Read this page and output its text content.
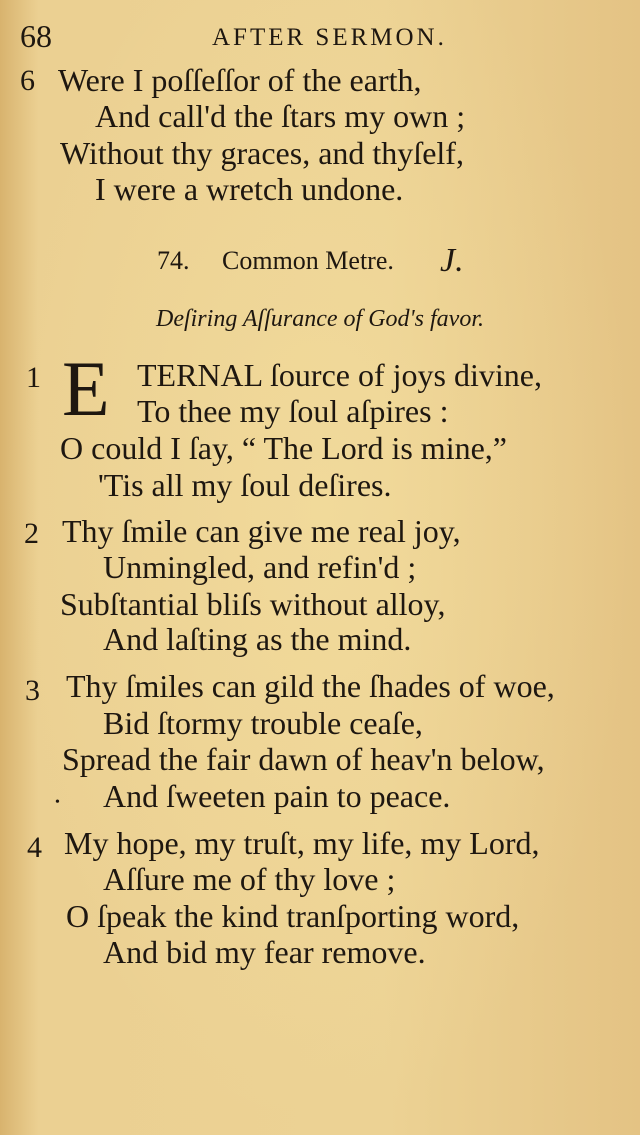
68	AFTER SERMON.
6 Were I poſſeſſor of the earth,
And call'd the ſtars my own ;
Without thy graces, and thyſelf,
I were a wretch undone.
74. Common Metre. J.
Deſiring Aſſurance of God's favor.
1 E TERNAL ſource of joys divine,
To thee my ſoul aſpires :
O could I ſay, “ The Lord is mine,”
'Tis all my ſoul deſires.
2 Thy ſmile can give me real joy,
Unmingled, and refin'd ;
Subſtantial bliſs without alloy,
And laſting as the mind.
3 Thy ſmiles can gild the ſhades of woe,
Bid ſtormy trouble ceaſe,
Spread the fair dawn of heav'n below,
And ſweeten pain to peace.
•
4 My hope, my truſt, my life, my Lord,
Aſſure me of thy love ;
O ſpeak the kind tranſporting word,
And bid my fear remove.
